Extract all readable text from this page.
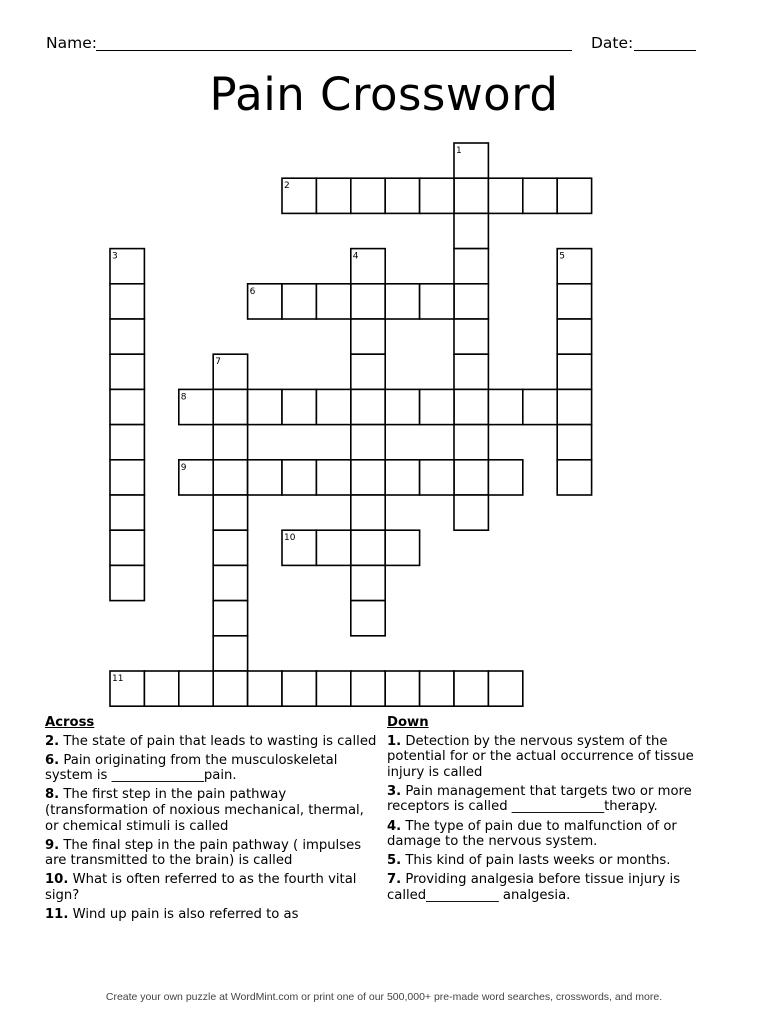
Name:	Date:
Pain Crossword
1
2
3	4	5
6
7
8
9
10
11
Across
2. The state of pain that leads to wasting is called
6. Pain originating from the musculoskeletal system is ______________pain.
8. The first step in the pain pathway (transformation of noxious mechanical, thermal, or chemical stimuli is called
9. The final step in the pain pathway ( impulses are transmitted to the brain) is called
10. What is often referred to as the fourth vital sign?
11. Wind up pain is also referred to as
Down
1. Detection by the nervous system of the potential for or the actual occurrence of tissue injury is called
3. Pain management that targets two or more receptors is called ______________therapy.
4. The type of pain due to malfunction of or damage to the nervous system.
5. This kind of pain lasts weeks or months.
7. Providing analgesia before tissue injury is called___________ analgesia.
Create your own puzzle at WordMint.com or print one of our 500,000+ pre-made word searches, crosswords, and more.
